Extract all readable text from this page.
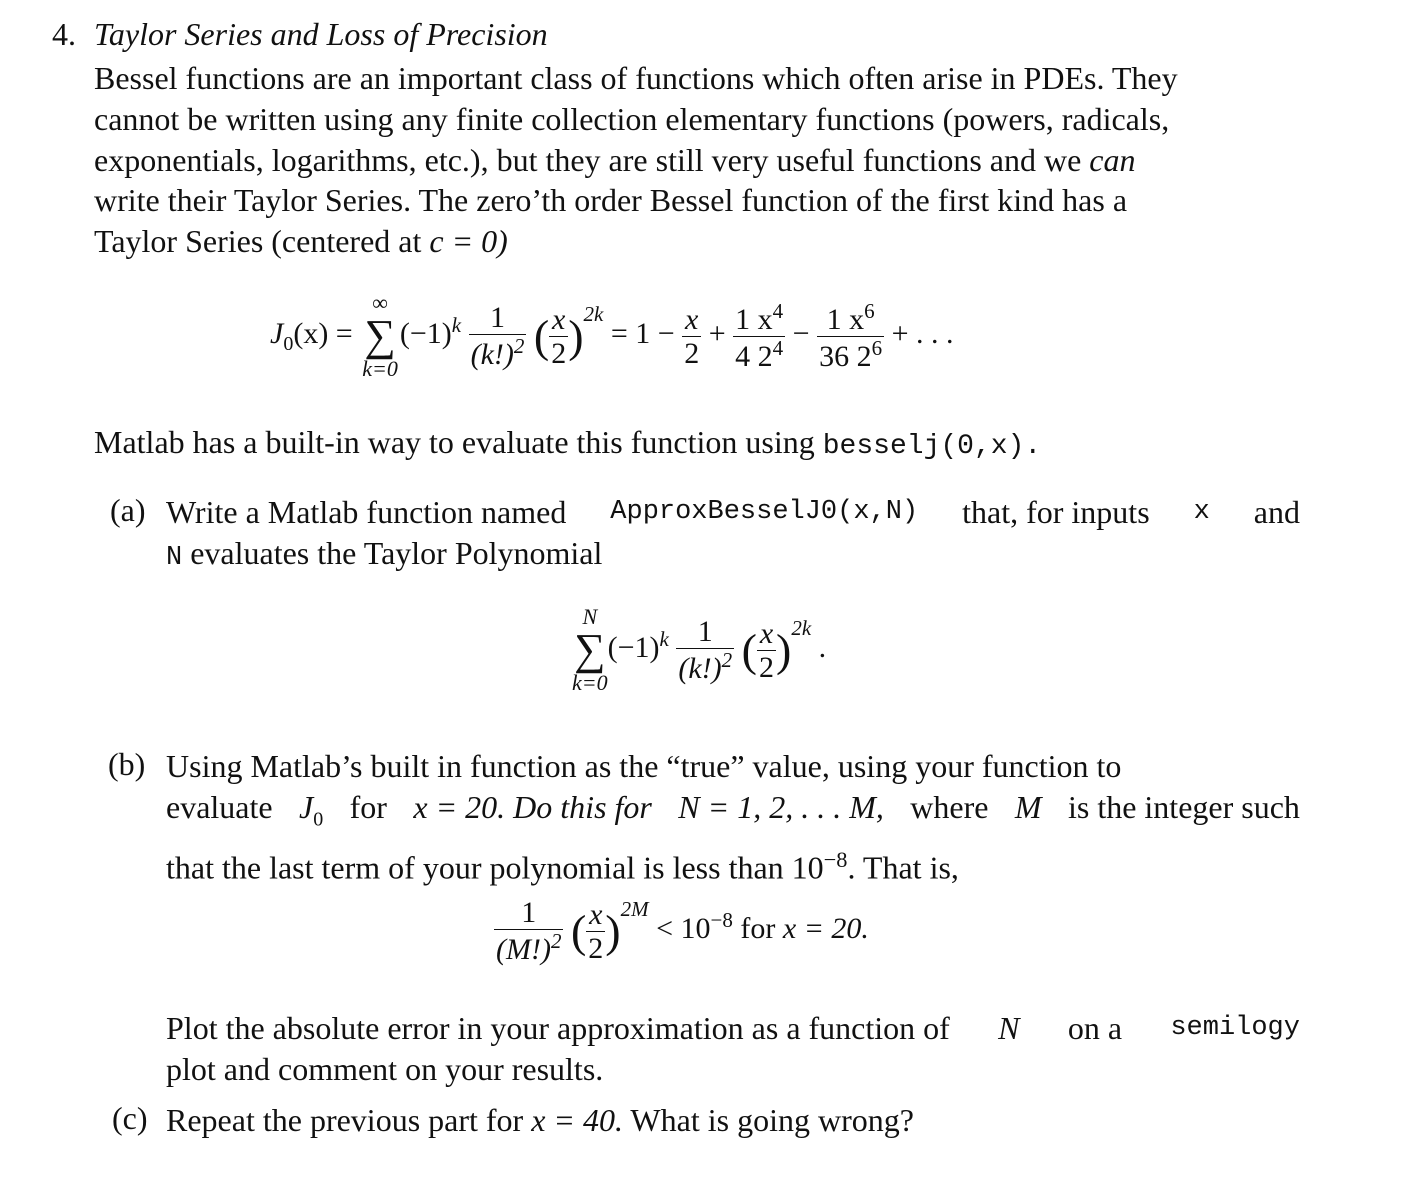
4. Taylor Series and Loss of Precision
Bessel functions are an important class of functions which often arise in PDEs. They
cannot be written using any finite collection elementary functions (powers, radicals,
exponentials, logarithms, etc.), but they are still very useful functions and we can
write their Taylor Series. The zero’th order Bessel function of the first kind has a
Taylor Series (centered at c = 0)
$J_0(x)$ =
∞
∑
k=0
$(-1)^k \frac{1}{(k!)^2}$ ( $\frac{x}{2} )^{2k} = 1 - \frac{x}{2} + \frac{1 x^4}{4 2^4} - \frac{1 x^6}{36 2^6}$ + . . .
Matlab has a built-in way to evaluate this function using besselj(0,x).
(a) Write a Matlab function named ApproxBesselJ0(x,N) that, for inputs x and
N evaluates the Taylor Polynomial
N
∑
k=0
$(-1)^k \frac{1}{(k!)^2}$ ( $\frac{x}{2} )^{2k}$ .
(b) Using Matlab’s built in function as the “true” value, using your function to
evaluate $J_0$ for x = 20. Do this for N = 1, 2, . . . M, where M is the integer such
that the last term of your polynomial is less than $10^{-8}$. That is,
$\frac{1}{(M!)^2}$ ( $\frac{x}{2} )^{2M} < 10^{-8}$ for x = 20.
Plot the absolute error in your approximation as a function of N on a semilogy
plot and comment on your results.
(c) Repeat the previous part for x = 40. What is going wrong?
